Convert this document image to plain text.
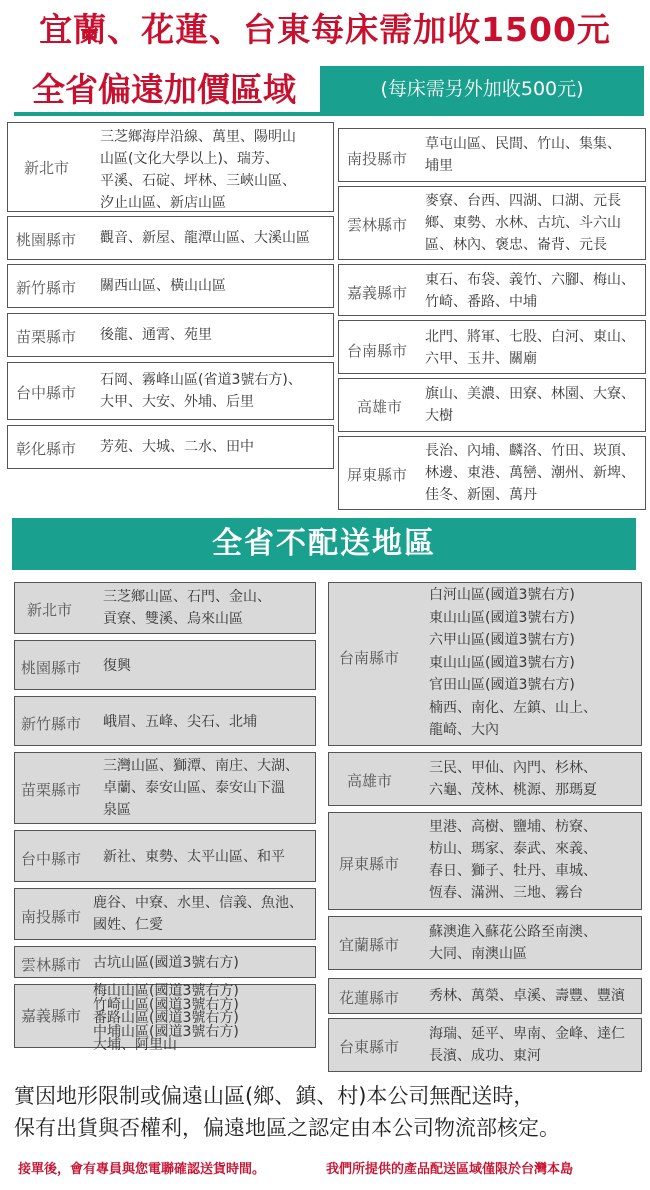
宜蘭、花蓮、台東每床需加收1500元
全省偏遠加價區域	(每床需另外加收500元)
新北市
三芝鄉海岸沿線、萬里、陽明山
山區(文化大學以上)、瑞芳、
平溪、石碇、坪林、三峽山區、
汐止山區、新店山區
桃園縣市 觀音、新屋、龍潭山區、大溪山區
新竹縣市 關西山區、橫山山區
苗栗縣市 後龍、通霄、苑里
台中縣市
石岡、霧峰山區(省道3號右方)、
大甲、大安、外埔、后里
彰化縣市 芳苑、大城、二水、田中
南投縣市
草屯山區、民間、竹山、集集、
埔里
雲林縣市
麥寮、台西、四湖、口湖、元長
鄉、東勢、水林、古坑、斗六山
區、林內、褒忠、崙背、元長
嘉義縣市
東石、布袋、義竹、六腳、梅山、
竹崎、番路、中埔
台南縣市
北門、將軍、七股、白河、東山、
六甲、玉井、關廟
高雄市
旗山、美濃、田寮、林園、大寮、
大樹
屏東縣市
長治、內埔、麟洛、竹田、崁頂、
林邊、東港、萬巒、潮州、新埤、
佳冬、新園、萬丹
全省不配送地區
新北市
三芝鄉山區、石門、金山、
貢寮、雙溪、烏來山區
桃園縣市 復興
新竹縣市 峨眉、五峰、尖石、北埔
苗栗縣市
三灣山區、獅潭、南庄、大湖、
卓蘭、泰安山區、泰安山下溫
泉區
台中縣市 新社、東勢、太平山區、和平
南投縣市
鹿谷、中寮、水里、信義、魚池、
國姓、仁愛
雲林縣市 古坑山區(國道3號右方)
嘉義縣市
梅山山區(國道3號右方)
竹崎山區(國道3號右方)
番路山區(國道3號右方)
中埔山區(國道3號右方)
大埔、阿里山
台南縣市
白河山區(國道3號右方)
東山山區(國道3號右方)
六甲山區(國道3號右方)
東山山區(國道3號右方)
官田山區(國道3號右方)
楠西、南化、左鎮、山上、
龍崎、大內
高雄市
三民、甲仙、內門、杉林、
六龜、茂林、桃源、那瑪夏
屏東縣市
里港、高樹、鹽埔、枋寮、
枋山、瑪家、泰武、來義、
春日、獅子、牡丹、車城、
恆春、滿洲、三地、霧台
宜蘭縣市
蘇澳進入蘇花公路至南澳、
大同、南澳山區
花蓮縣市 秀林、萬榮、卓溪、壽豐、豐濱
台東縣市
海瑞、延平、卑南、金峰、達仁
長濱、成功、東河
實因地形限制或偏遠山區(鄉、鎮、村)本公司無配送時，
保有出貨與否權利，偏遠地區之認定由本公司物流部核定。
接單後，會有專員與您電聯確認送貨時間。	我們所提供的產品配送區域僅限於台灣本島
